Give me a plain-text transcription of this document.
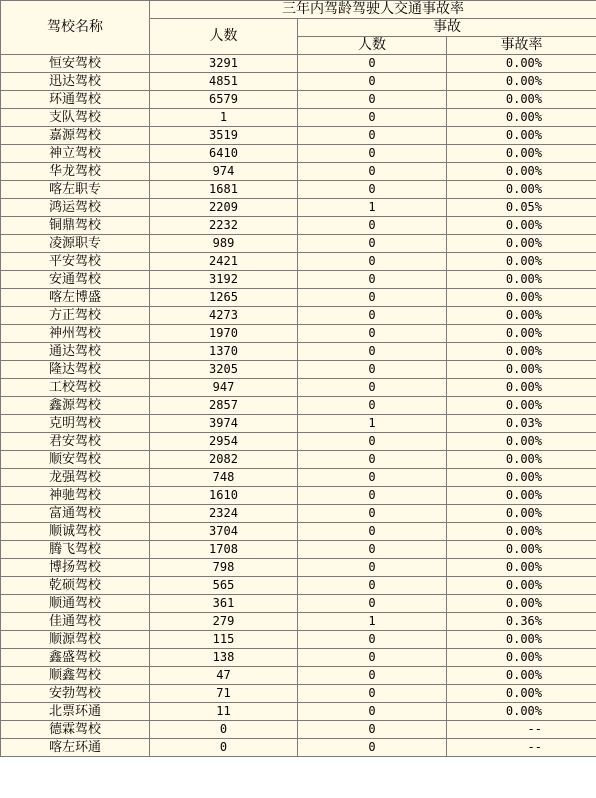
驾校名称	三年内驾龄驾驶人交通事故率		
	人数	事故	
		人数	事故率
恒安驾校	3291	0	0.00%
迅达驾校	4851	0	0.00%
环通驾校	6579	0	0.00%
支队驾校	1	0	0.00%
嘉源驾校	3519	0	0.00%
神立驾校	6410	0	0.00%
华龙驾校	974	0	0.00%
喀左职专	1681	0	0.00%
鸿运驾校	2209	1	0.05%
铜鼎驾校	2232	0	0.00%
凌源职专	989	0	0.00%
平安驾校	2421	0	0.00%
安通驾校	3192	0	0.00%
喀左博盛	1265	0	0.00%
方正驾校	4273	0	0.00%
神州驾校	1970	0	0.00%
通达驾校	1370	0	0.00%
隆达驾校	3205	0	0.00%
工校驾校	947	0	0.00%
鑫源驾校	2857	0	0.00%
克明驾校	3974	1	0.03%
君安驾校	2954	0	0.00%
顺安驾校	2082	0	0.00%
龙强驾校	748	0	0.00%
神驰驾校	1610	0	0.00%
富通驾校	2324	0	0.00%
顺诚驾校	3704	0	0.00%
腾飞驾校	1708	0	0.00%
博扬驾校	798	0	0.00%
乾硕驾校	565	0	0.00%
顺通驾校	361	0	0.00%
佳通驾校	279	1	0.36%
顺源驾校	115	0	0.00%
鑫盛驾校	138	0	0.00%
顺鑫驾校	47	0	0.00%
安勃驾校	71	0	0.00%
北票环通	11	0	0.00%
德霖驾校	0	0	--
喀左环通	0	0	--
